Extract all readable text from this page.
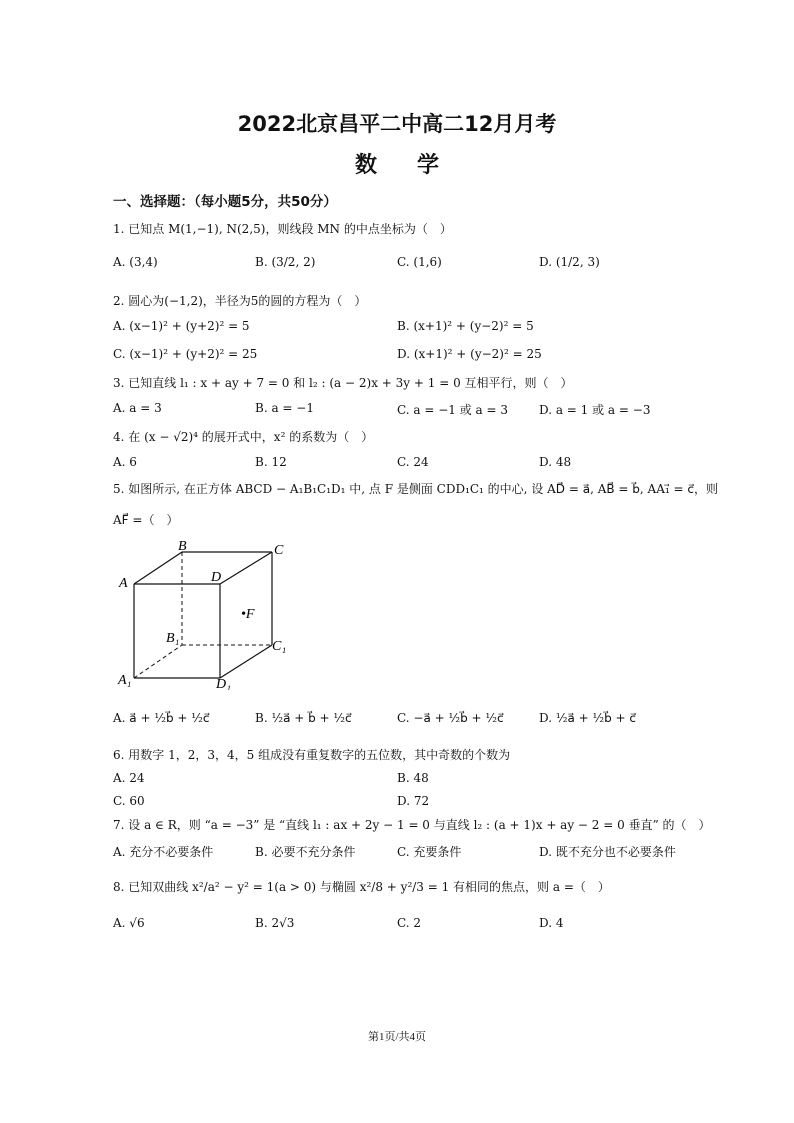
2022北京昌平二中高二12月月考
数学
一、选择题：（每小题5分，共50分）
1. 已知点 M(1,−1), N(2,5)，则线段 MN 的中点坐标为（　）
A. (3,4)	B. (3/2, 2)	C. (1,6)	D. (1/2, 3)
2. 圆心为(−1,2)，半径为5的圆的方程为（　）
A. (x−1)² + (y+2)² = 5	B. (x+1)² + (y−2)² = 5
C. (x−1)² + (y+2)² = 25	D. (x+1)² + (y−2)² = 25
3. 已知直线 l₁ : x + ay + 7 = 0 和 l₂ : (a − 2)x + 3y + 1 = 0 互相平行，则（　）
A. a = 3	B. a = −1	C. a = −1 或 a = 3	D. a = 1 或 a = −3
4. 在 (x − √2)⁴ 的展开式中，x² 的系数为（　）
A. 6	B. 12	C. 24	D. 48
5. 如图所示, 在正方体 ABCD − A₁B₁C₁D₁ 中, 点 F 是侧面 CDD₁C₁ 的中心, 设 AD⃗ = a⃗, AB⃗ = b⃗, AA₁⃗ = c⃗，则
AF⃗ =（　）
B	C
A	D
•F
B₁
C₁
A₁	D₁
A. a⃗ + ½b⃗ + ½c⃗	B. ½a⃗ + b⃗ + ½c⃗	C. −a⃗ + ½b⃗ + ½c⃗	D. ½a⃗ + ½b⃗ + c⃗
6. 用数字 1，2，3，4，5 组成没有重复数字的五位数，其中奇数的个数为
A. 24	B. 48
C. 60	D. 72
7. 设 a ∈ R，则 “a = −3” 是 “直线 l₁ : ax + 2y − 1 = 0 与直线 l₂ : (a + 1)x + ay − 2 = 0 垂直” 的（　）
A. 充分不必要条件	B. 必要不充分条件	C. 充要条件	D. 既不充分也不必要条件
8. 已知双曲线 x²/a² − y² = 1(a > 0) 与椭圆 x²/8 + y²/3 = 1 有相同的焦点，则 a =（　）
A. √6	B. 2√3	C. 2	D. 4
第1页/共4页
